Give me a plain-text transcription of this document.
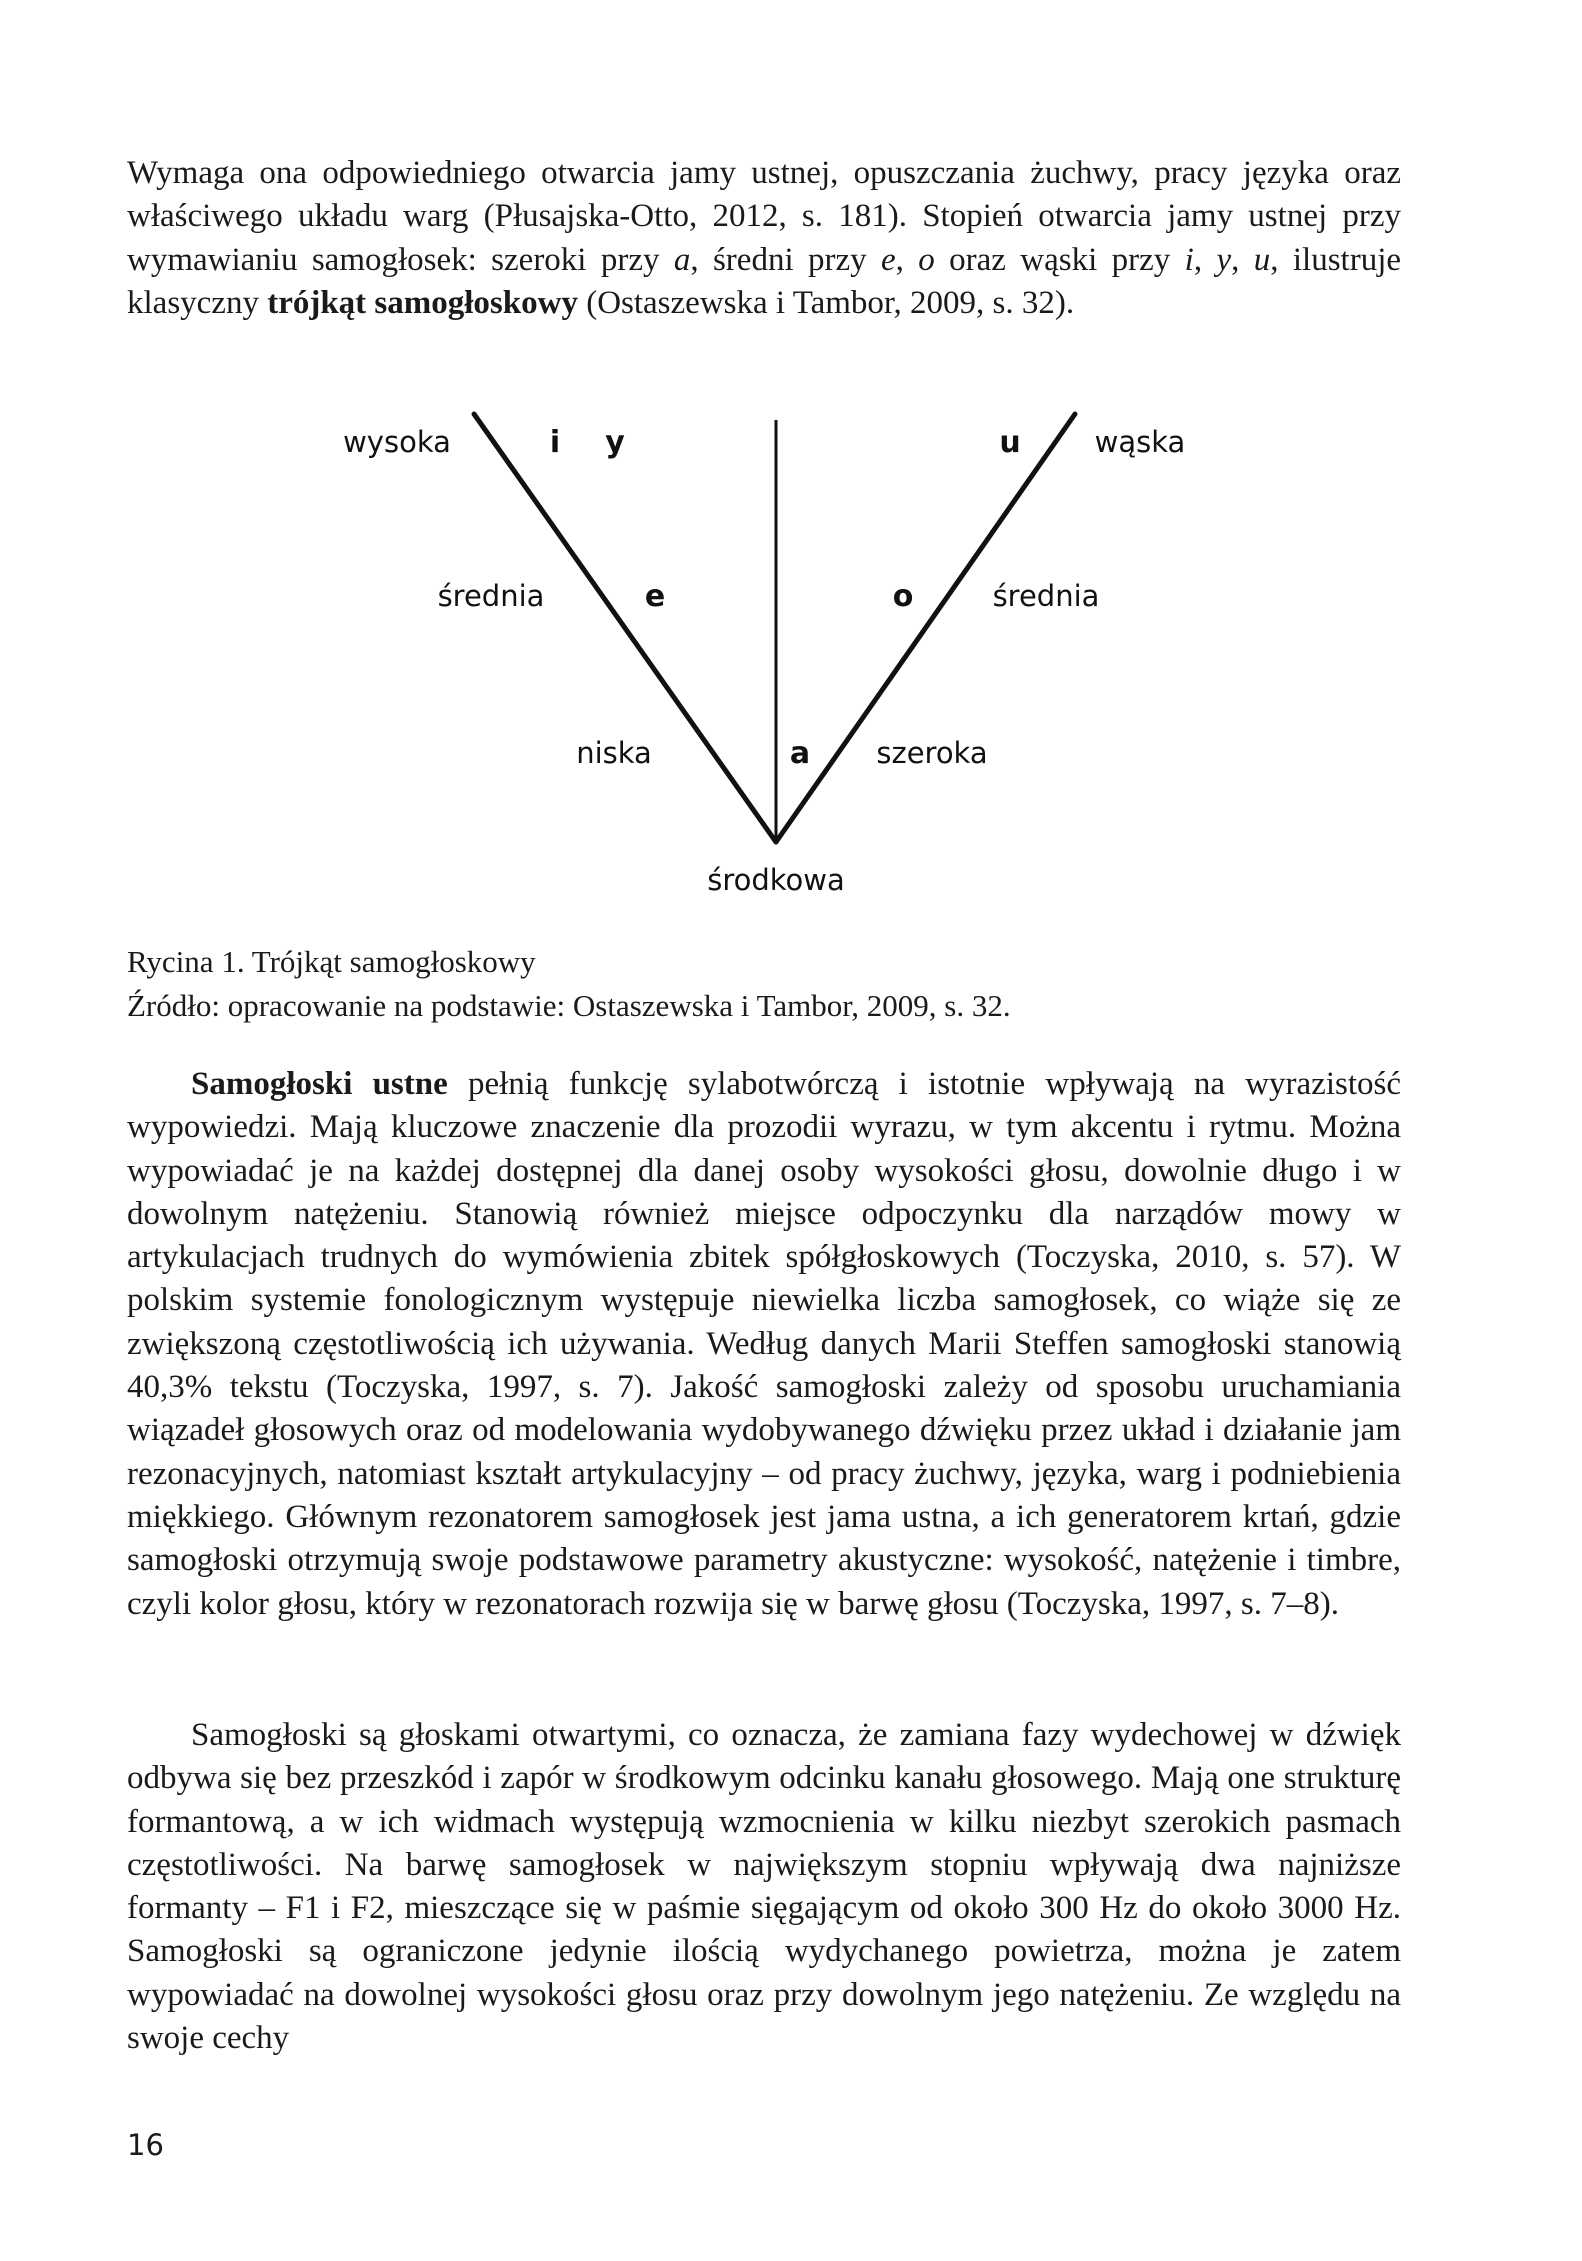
Wymaga ona odpowiedniego otwarcia jamy ustnej, opuszczania żuchwy, pracy języka oraz właściwego układu warg (Płusajska-Otto, 2012, s. 181). Stopień otwarcia jamy ustnej przy wymawianiu samogłosek: szeroki przy a, średni przy e, o oraz wąski przy i, y, u, ilustruje klasyczny trójkąt samogłoskowy (Ostaszewska i Tambor, 2009, s. 32).

wysoka
średnia
niska
wąska
średnia
szeroka
środkowa
i y	u
e	o
a

Rycina 1. Trójkąt samogłoskowy

Źródło: opracowanie na podstawie: Ostaszewska i Tambor, 2009, s. 32.

Samogłoski ustne pełnią funkcję sylabotwórczą i istotnie wpływają na wyrazistość wypowiedzi. Mają kluczowe znaczenie dla prozodii wyrazu, w tym akcentu i rytmu. Można wypowiadać je na każdej dostępnej dla danej osoby wysokości głosu, dowolnie długo i w dowolnym natężeniu. Stanowią również miejsce odpoczynku dla narządów mowy w artykulacjach trudnych do wymówienia zbitek spółgłoskowych (Toczyska, 2010, s. 57). W polskim systemie fonologicznym występuje niewielka liczba samogłosek, co wiąże się ze zwiększoną częstotliwością ich używania. Według danych Marii Steffen samogłoski stanowią 40,3% tekstu (Toczyska, 1997, s. 7). Jakość samogłoski zależy od sposobu uruchamiania wiązadeł głosowych oraz od modelowania wydobywanego dźwięku przez układ i działanie jam rezonacyjnych, natomiast kształt artykulacyjny – od pracy żuchwy, języka, warg i podniebienia miękkiego. Głównym rezonatorem samogłosek jest jama ustna, a ich generatorem krtań, gdzie samogłoski otrzymują swoje podstawowe parametry akustyczne: wysokość, natężenie i timbre, czyli kolor głosu, który w rezonatorach rozwija się w barwę głosu (Toczyska, 1997, s. 7–8).

Samogłoski są głoskami otwartymi, co oznacza, że zamiana fazy wydechowej w dźwięk odbywa się bez przeszkód i zapór w środkowym odcinku kanału głosowego. Mają one strukturę formantową, a w ich widmach występują wzmocnienia w kilku niezbyt szerokich pasmach częstotliwości. Na barwę samogłosek w największym stopniu wpływają dwa najniższe formanty – F1 i F2, mieszczące się w paśmie sięgającym od około 300 Hz do około 3000 Hz. Samogłoski są ograniczone jedynie ilością wydychanego powietrza, można je zatem wypowiadać na dowolnej wysokości głosu oraz przy dowolnym jego natężeniu. Ze względu na swoje cechy

16
